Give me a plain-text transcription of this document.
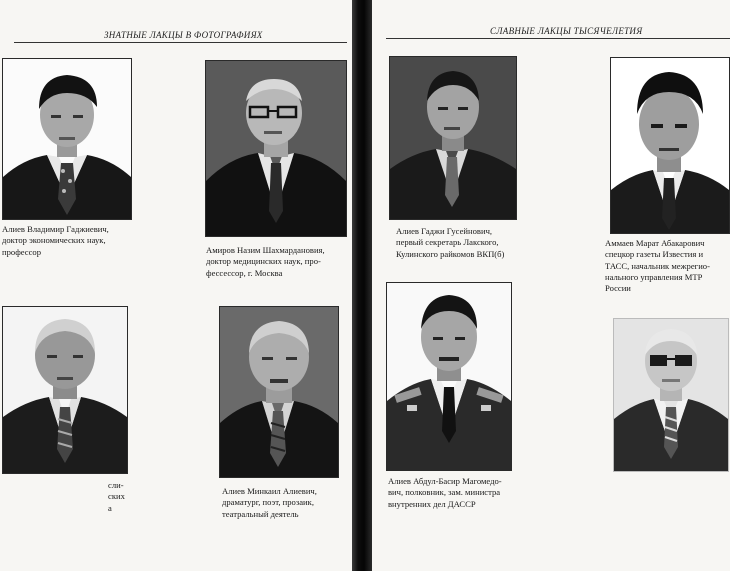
ЗНАТНЫЕ ЛАКЦЫ В ФОТОГРАФИЯХ

Алиев Владимир Гаджиевич,
доктор экономических наук,
профессор	Амиров Назим Шахмардановия,
доктор медицинских наук, про-
фессессор, г. Москва

сли-
ских
а

Алиев Минкаил Алиевич,
драматург, поэт, прозаик,
театральный деятель

СЛАВНЫЕ ЛАКЦЫ ТЫСЯЧЕЛЕТИЯ

Алиев Гаджи Гусейнович,
первый секретарь Лакского,
Кулинского райкомов ВКП(б)

Аммаев Марат Абакарович
спецкор газеты Известия и
ТАСС, начальник межрегио-
нального управления МТР
России

Алиев Абдул-Басир Магомедо-
вич, полковник, зам. министра
внутренних дел ДАССР
